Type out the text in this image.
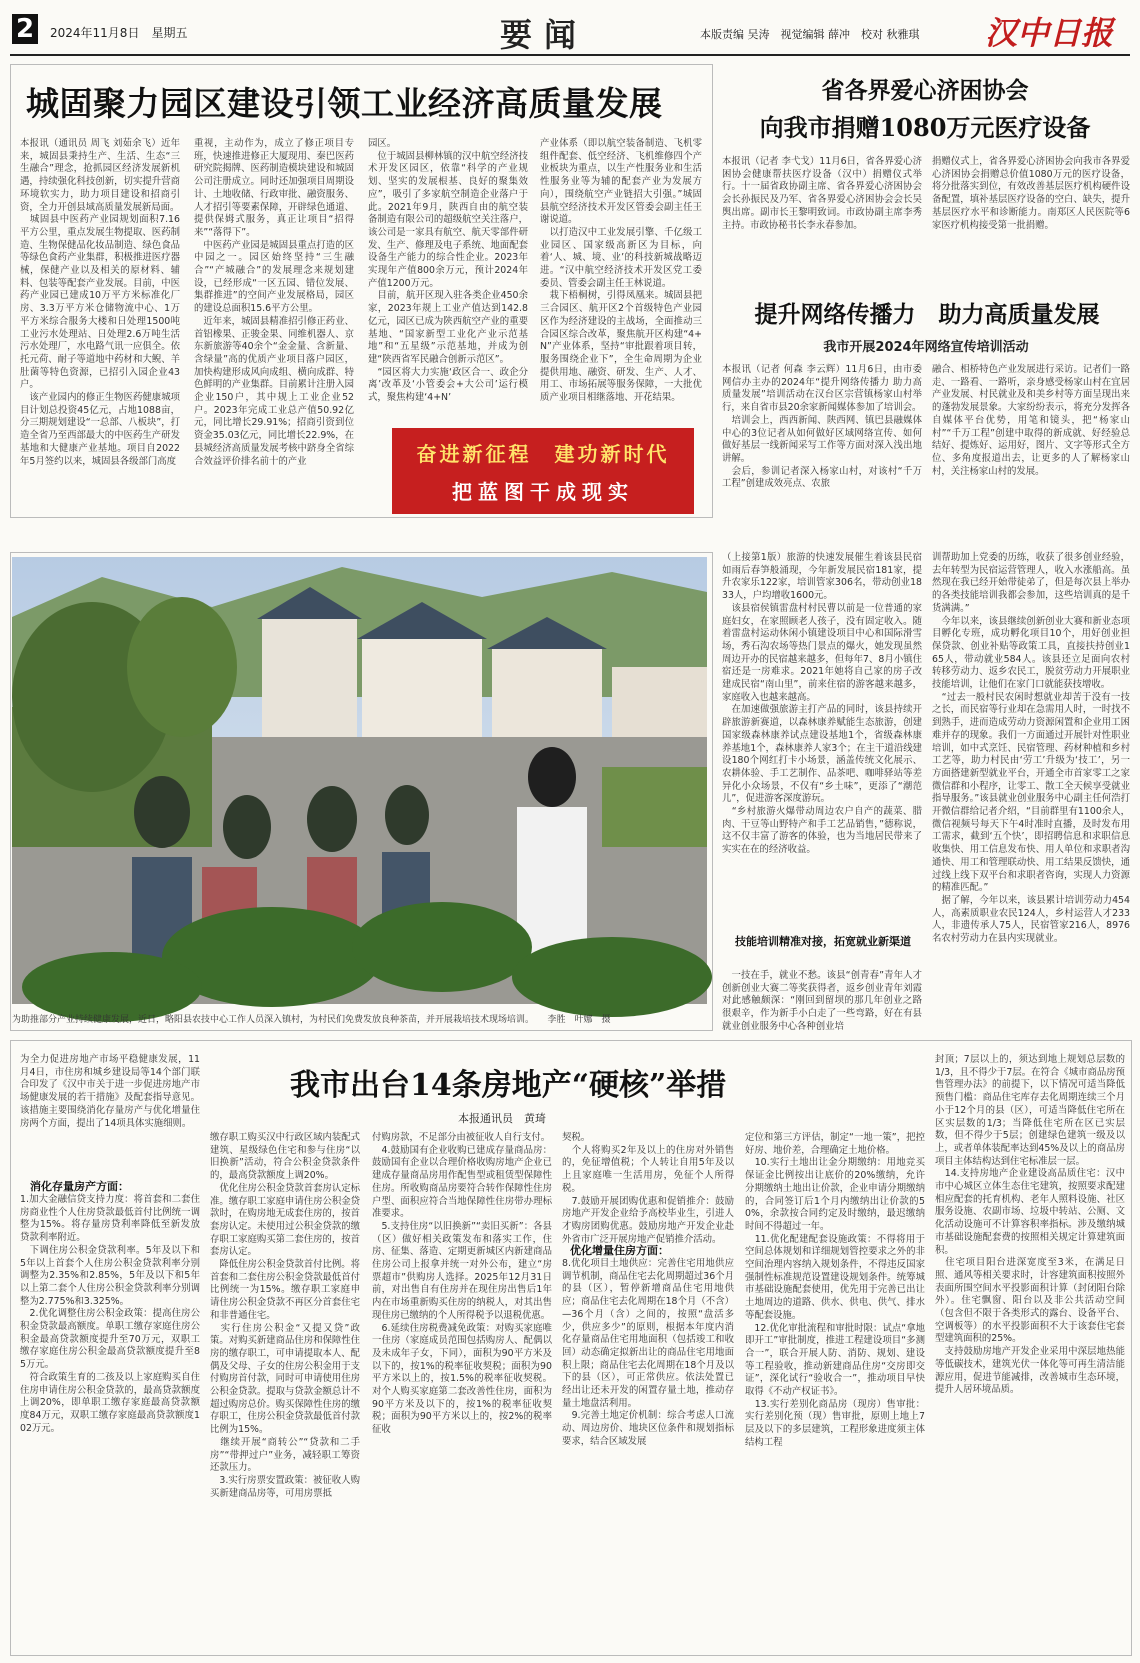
2	2024年11月8日　星期五	要闻	本版责编 吴涛　视觉编辑 薛冲　校对 秋雅琪 汉中日报
城固聚力园区建设引领工业经济高质量发展
本报讯（通讯员 周飞 刘茹余飞）近年来，城固县秉持生产、生活、生态“三生融合”理念，抢抓园区经济发展新机遇，持续强化科技创新，切实提升营商环境软实力，助力项目建设和招商引资，全力开创县域高质量发展新局面。
　城固县中医药产业园规划面积7.16平方公里，重点发展生物提取、医药制造、生物保健品化妆品制造、绿色食品等绿色食药产业集群，积极推进医疗器械，保健产业以及相关的原材料、辅料、包装等配套产业发展。目前，中医药产业园已建成10万平方米标准化厂房、3.3万平方米仓储物流中心、1万平方米综合服务大楼和日处理1500吨工业污水处理站、日处理2.6万吨生活污水处理厂，水电路气讯一应俱全。依托元荷、耐子等道地中药材和大鲵、羊肚菌等特色资源，已招引入园企业43户。
　该产业园内的修正生物医药健康城项目计划总投资45亿元，占地1088亩，分三期规划建设“一总部、八板块”，打造全省乃至西部最大的中医药生产研发基地和大健康产业基地。项目自2022年5月签约以来，城固县各级部门高度
重视，主动作为，成立了修正项目专班，快速推进修正大厦现用、秦巴医药研究院揭牌、医药制造模块建设和城固公司注册成立。同时还加强项目周期设计、土地收储、行政审批、融资服务、人才招引等要素保障，开辟绿色通道、提供保姆式服务，真正让项目“招得来”“落得下”。
　中医药产业园是城固县重点打造的区中园之一。园区始终坚持“三生融合”“产城融合”的发展理念来规划建设，已经形成“一区五园、错位发展、集群推进”的空间产业发展格局，园区的建设总面积15.6平方公里。
　近年来，城固县精准招引修正药业、首铝橡果、正骏金果、同维机器人、京东新旅游等40余个“金金量、含新量、含绿量”高的优质产业项目落户园区，加快构建形成风向成组、横向成群、特色鲜明的产业集群。目前累计注册入园企业150户，其中规上工业企业52户。2023年完成工业总产值50.92亿元，同比增长29.91%；招商引资到位资金35.03亿元，同比增长22.9%，在县城经济高质量发展考核中跻身全省综合效益评价排名前十的产业
园区。
　位于城固县柳林镇的汉中航空经济技术开发区园区，依靠“科学的产业规划、坚实的发展根基、良好的聚集效应”，吸引了多家航空制造企业落户于此。2021年9月，陕西自由的航空装备制造有限公司的超级航空关注落户，该公司是一家具有航空、航天零部件研发、生产、修理及电子系统、地面配套设备生产能力的综合性企业。2023年实现年产值800余万元，预计2024年产值1200万元。
　目前，航开区现入驻各类企业450余家，2023年规上工业产值达到142.8亿元，园区已成为陕西航空产业的重要基地、“国家新型工业化产业示范基地”和“五星级”示范基地，并成为创建“陕西省军民融合创新示范区”。
　“园区将大力实施‘政区合一、政企分离’改革及‘小管委会+大公司’运行模式，聚焦构建‘4+N’
产业体系（即以航空装备制造、飞机零组件配套、低空经济、飞机维修四个产业板块为重点，以生产性服务业和生活性服务业等为辅的配套产业为发展方向），围绕航空产业链招大引强。”城固县航空经济技术开发区管委会副主任王谢说道。
　以打造汉中工业发展引擎、千亿级工业园区、国家级高新区为目标，向着‘人、城、境、业’的科技新城战略迈进。“汉中航空经济技术开发区党工委委员、管委会副主任王林说道。
　栽下梧桐树，引得凤凰来。城固县把三合园区、航开区2个首级特色产业园区作为经济建设的主战场，全面推动三合园区综合改革，聚焦航开区构建“4+N”产业体系，坚持“审批跟着项目转，服务围绕企业下”，全生命周期为企业提供用地、融资、研发、生产、人才、用工、市场拓展等服务保障，一大批优质产业项目相继落地、开花结果。
奋进新征程　建功新时代
把蓝图干成现实
省各界爱心济困协会
向我市捐赠1080万元医疗设备
本报讯（记者 李弋戈）11月6日，省各界爱心济困协会健康帮扶医疗设备（汉中）捐赠仪式举行。十一届省政协副主席、省各界爱心济困协会会长孙振民及乃军、省各界爱心济困协会会长吴舆出席。副市长王黎明致词。市政协副主席李秀主持。市政协秘书长李永春参加。
捐赠仪式上，省各界爱心济困协会向我市各界爱心济困协会捐赠总价值1080万元的医疗设备，将分批落实到位，有效改善基层医疗机构硬件设备配置，填补基层医疗设备的空白、缺失，提升基层医疗水平和诊断能力。南郑区人民医院等6家医疗机构接受第一批捐赠。
提升网络传播力　助力高质量发展
我市开展2024年网络宣传培训活动
本报讯（记者 何森 李云辉）11月6日，由市委网信办主办的2024年“提升网络传播力 助力高质量发展”培训活动在汉台区宗营镇杨家山村举行，来自省市县20余家新闻媒体参加了培训会。
　培训会上，西西新闻、陕西网、镇巴县融媒体中心的3位记者从如何做好区域网络宣传、如何做好基层一线新闻采写工作等方面对深入浅出地讲解。
　会后，参训记者深入杨家山村，对该村“千万工程”创建成效亮点、农旅
融合、相桥特色产业发展进行采访。记者们一路走、一路看、一路听，亲身感受杨家山村在宜居产业发展、村民就业及和美乡村等方面呈现出来的蓬勃发展景象。大家纷纷表示，将充分发挥各自媒体平台优势，用笔和镜头，把“杨家山村”“千万工程”创建中取得的新成就、好经验总结好、提炼好、运用好，图片、文字等形式全方位、多角度报道出去，让更多的人了解杨家山村，关注杨家山村的发展。
为助推部分产业持续健康发展，近日，略阳县农技中心工作人员深入镇村，为村民们免费发放良种茶苗，并开展栽培技术现场培训。　　李胜　叶娜　摄
（上接第1版）旅游的快速发展催生着该县民宿如雨后春笋般涌现，今年新发展民宿181家，提升农家乐122家，培训管家306名，带动创业1833人，户均增收1600元。
　该县宿侯镇雷盘村村民曹以前是一位普通的家庭妇女，在家照顾老人孩子，没有固定收入。随着雷盘村运动休闲小镇建设项目中心和国际滑雪场，秀石沟农场等热门景点的爆火，她发现虽然周边开办的民宿越来越多，但每年7、8月小镇住宿还是一房难求。2021年她将自己家的房子改建成民宿“南山里”，前来住宿的游客越来越多，家庭收入也越来越高。
　在加速做强旅游主打产品的同时，该县持续开辟旅游新赛道，以森林康养赋能生态旅游，创建国家级森林康养试点建设基地1个，省级森林康养基地1个，森林康养人家3个；在主干道沿线建设180个网红打卡小场景，涵盖传统文化展示、农耕体验、手工艺制作、品茶吧、咖啡驿站等差异化小众场景，不仅有“乡土味”，更添了“潮范儿”，促进游客深度游玩。
　“乡村旅游火爆带动周边农户自产的蔬菜、腊肉、干豆等山野特产和手工艺品销售，”德称说，这不仅丰富了游客的体验，也为当地居民带来了实实在在的经济收益。
技能培训精准对接，拓宽就业新渠道
　一技在手，就业不愁。该县“创青春”青年人才创新创业大赛二等奖获得者，返乡创业青年刘霞对此感触颇深：“刚回到留坝的那几年创业之路很艰辛，作为新手小白走了一些弯路，好在有县就业创业服务中心各种创业培
训帮助加上党委的历练，收获了很多创业经验，去年转型为民宿运营管理人，收入水涨船高。虽然现在我已经开始带徒弟了，但是每次县上举办的各类技能培训我都会参加，这些培训真的是千货满满。”
　今年以来，该县继续创新创业大赛和新业态项目孵化专班，成功孵化项目10个，用好创业担保贷款、创业补贴等政策工具，直接扶持创业165人，带动就业584人。该县还立足面向农村转移劳动力、返乡农民工，脱贫劳动力开展职业技能培训，让他们在家门口就能获技增收。
　“过去一般村民农闲时想就业却苦于没有一技之长，而民宿等行业却在急需用人时，一时找不到熟手，进而造成劳动力资源闲置和企业用工困难并存的现象。我们一方面通过开展针对性职业培训，如中式烹饪、民宿管理、药材种植和乡村工艺等，助力村民由‘劳工’升级为‘技工’，另一方面搭建新型就业平台，开通全市首家零工之家微信群和小程序，让零工、散工全天候享受就业指导服务。”该县就业创业服务中心副主任何浩打开微信群给记者介绍，“目前群里有1100余人，微信视频号每天下午4时准时直播，及时发布用工需求，截到‘五个快’，即招聘信息和求职信息收集快、用工信息发布快、用人单位和求职者沟通快、用工和管理联动快、用工结果反馈快，通过线上线下双平台和求职者咨询，实现人力资源的精准匹配。”
　据了解，今年以来，该县累计培训劳动力454人，高素质职业农民124人，乡村运营人才233人，非遗传承人75人，民宿管家216人，8976名农村劳动力在县内实现就业。
我市出台14条房地产“硬核”举措
本报通讯员　黄琦
为全力促进房地产市场平稳健康发展，11月4日，市住房和城乡建设局等14个部门联合印发了《汉中市关于进一步促进房地产市场健康发展的若干措施》及配套指导意见。该措施主要围绕消化存量房产与优化增量住房两个方面，提出了14项具体实施细则。
消化存量房产方面：
1.加大金融信贷支持力度：将首套和二套住房商业性个人住房贷款最低首付比例统一调整为15%。将存量房贷利率降低至新发放贷款利率附近。
　下调住房公积金贷款利率。5年及以下和5年以上首套个人住房公积金贷款利率分别调整为2.35%和2.85%，5年及以下和5年以上第二套个人住房公积金贷款利率分别调整为2.775%和3.325%。
　2.优化调整住房公积金政策：提高住房公积金贷款最高额度。单职工缴存家庭住房公积金最高贷款额度提升至70万元，双职工缴存家庭住房公积金最高贷款额度提升至85万元。
　符合政策生育的二孩及以上家庭购买自住住房申请住房公积金贷款的，最高贷款额度上调20%，即单职工缴存家庭最高贷款额度84万元，双职工缴存家庭最高贷款额度102万元。
缴存职工购买汉中行政区域内装配式建筑、星级绿色住宅和参与住房“以旧换新”活动，符合公积金贷款条件的，最高贷款额度上调20%。
　优化住房公积金贷款首套房认定标准。缴存职工家庭申请住房公积金贷款时，在购房地无成套住房的，按首套房认定。未使用过公积金贷款的缴存职工家庭购买第二套住房的，按首套房认定。
　降低住房公积金贷款首付比例。将首套和二套住房公积金贷款最低首付比例统一为15%。缴存职工家庭申请住房公积金贷款不再区分首套住宅和非普通住宅。
　实行住房公积金“又提又贷”政策。对购买新建商品住房和保障性住房的缴存职工，可申请提取本人、配偶及父母、子女的住房公积金用于支付购房首付款，同时可申请使用住房公积金贷款。提取与贷款金额总计不超过购房总价。购买保障性住房的缴存职工，住房公积金贷款最低首付款比例为15%。
　继续开展“商转公”“贷款和二手房”“带押过户”业务，减轻职工筹资还款压力。
　3.实行房票安置政策：被征收人购买新建商品房等，可用房票抵
付购房款，不足部分由被征收人自行支付。
　4.鼓励国有企业收购已建成存量商品房：鼓励国有企业以合理价格收购房地产企业已建成存量商品房用作配售型或租赁型保障性住房。所收购商品房要符合转作保障性住房户型、面积应符合当地保障性住房带办理标准要求。
　5.支持住房“以旧换新”“卖旧买新”：各县（区）做好相关政策发布和落实工作，住房、征集、落造、定期更新城区内新建商品住房公司上报拿并统一对外公布，建立“房票超市”供购房人选择。2025年12月31日前，对出售自有住房并在现住房出售后1年内在市场重新购买住房的纳税人，对其出售现住房已缴纳的个人所得税予以退税优惠。
　6.延续住房税费减免政策：对购买家庭唯一住房（家庭成员范围包括购房人、配偶以及未成年子女，下同），面积为90平方米及以下的，按1%的税率征收契税；面积为90平方米以上的，按1.5%的税率征收契税。对个人购买家庭第二套改善性住房，面积为90平方米及以下的，按1%的税率征收契税；面积为90平方米以上的，按2%的税率征收
契税。
　个人将购买2年及以上的住房对外销售的，免征增值税；个人转让自用5年及以上且家庭唯一生活用房，免征个人所得税。
　7.鼓励开展团购优惠和促销推介：鼓励房地产开发企业给予高校毕业生，引进人才购房团购优惠。鼓励房地产开发企业赴外省市广泛开展房地产促销推介活动。
优化增量住房方面：
8.优化项目土地供应：完善住宅用地供应调节机制，商品住宅去化周期超过36个月的县（区），暂停新增商品住宅用地供应；商品住宅去化周期在18个月（不含）—36个月（含）之间的，按照“盘活多少，供应多少”的原则，根据本年度内消化存量商品住宅用地面积（包括竣工和收回）动态确定拟新出让的商品住宅用地面积上限；商品住宅去化周期在18个月及以下的县（区），可正常供应。依法处置已经出让还未开发的闲置存量土地，推动存量土地盘活利用。
　9.完善土地定价机制：综合考虑人口流动、周边房价、地块区位条件和规划指标要求，结合区域发展
定位和第三方评估，制定“一地一策”，把控好房、地价差，合理确定土地价格。
　10.实行土地出让金分期缴纳：用地竞买保证金比例按出让底价的20%缴纳，允许分期缴纳土地出让价款，企业申请分期缴纳的，合同签订后1个月内缴纳出让价款的50%，余款按合同约定及时缴纳，最迟缴纳时间不得超过一年。
　11.优化配建配套设施政策：不得将用于空间总体规划和详细规划管控要求之外的非空间治理内容纳入规划条件，不得违反国家强制性标准规范设置建设规划条件。统筹城市基础设施配套使用，优先用于完善已出让土地周边的道路、供水、供电、供气、排水等配套设施。
　12.优化审批流程和审批时限：试点“拿地即开工”审批制度，推进工程建设项目“多测合一”，联合开展人防、消防、规划、建设等工程验收，推动新建商品住房“交房即交证”，深化试行“验收合一”，推动项目早快取得《不动产权证书》。
　13.实行差别化商品房（现房）售审批：实行差别化预（现）售审批，原则上地上7层及以下的多层建筑，工程形象进度须主体结构工程
封顶；7层以上的，须达到地上规划总层数的1/3，且不得少于7层。在符合《城市商品房预售管理办法》的前提下，以下情况可适当降低预售门槛：商品住宅库存去化周期连续三个月小于12个月的县（区），可适当降低住宅所在区实层数的1/3；当降低住宅所在区已实层数，但不得少于5层；创建绿色建筑一级及以上，或者单体装配率达到45%及以上的商品房项目主体结构达到住宅标准层一层。
　14.支持房地产企业建设高品质住宅：汉中市中心城区立体生态住宅建筑，按照要求配建相应配套的托育机构、老年人照料设施、社区服务设施、农副市场、垃圾中转站、公厕、文化活动设施可不计算容积率指标。涉及缴纳城市基础设施配套费的按照相关规定计算建筑面积。
　住宅项目阳台进深宽度至3米，在满足日照、通风等相关要求时，计容建筑面积按照外表面所围空间水平投影面积计算（封闭阳台除外）。住宅飘窗、阳台以及非公共活动空间（包含但不限于各类形式的露台、设备平台、空调板等）的水平投影面积不大于该套住宅套型建筑面积的25%。
　支持鼓励房地产开发企业采用中深层地热能等低碳技术，建筑光伏一体化等可再生清洁能源应用，促进节能减排，改善城市生态环境，提升人居环境品质。
